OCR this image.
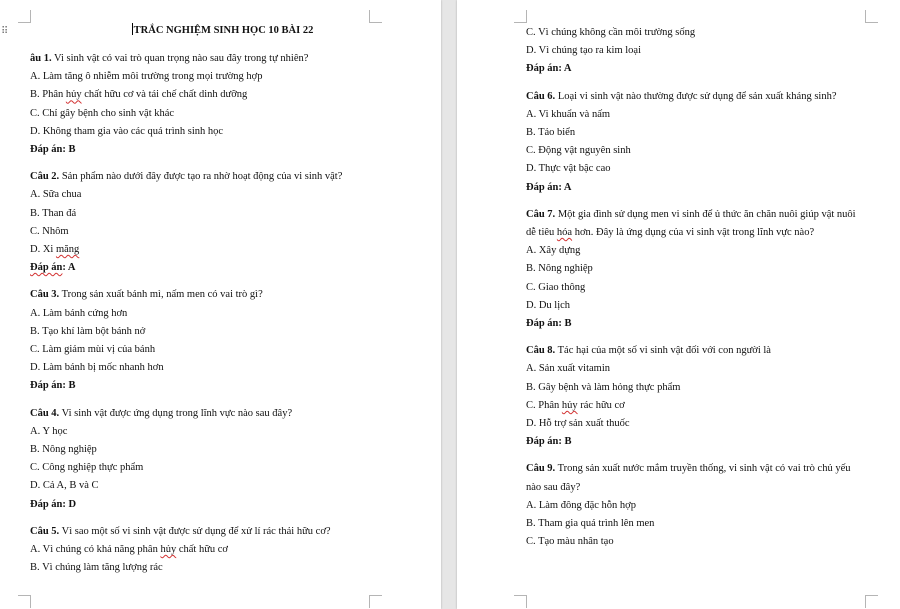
⠿	TRẮC NGHIỆM SINH HỌC 10 BÀI 22
âu 1. Vi sinh vật có vai trò quan trọng nào sau đây trong tự nhiên?
A. Làm tăng ô nhiễm môi trường trong mọi trường hợp
B. Phân hủy chất hữu cơ và tái chế chất dinh dưỡng
C. Chỉ gây bệnh cho sinh vật khác
D. Không tham gia vào các quá trình sinh học
Đáp án: B
Câu 2. Sản phẩm nào dưới đây được tạo ra nhờ hoạt động của vi sinh vật?
A. Sữa chua
B. Than đá
C. Nhôm
D. Xi măng
Đáp án: A
Câu 3. Trong sản xuất bánh mì, nấm men có vai trò gì?
A. Làm bánh cứng hơn
B. Tạo khí làm bột bánh nở
C. Làm giảm mùi vị của bánh
D. Làm bánh bị mốc nhanh hơn
Đáp án: B
Câu 4. Vi sinh vật được ứng dụng trong lĩnh vực nào sau đây?
A. Y học
B. Nông nghiệp
C. Công nghiệp thực phẩm
D. Cả A, B và C
Đáp án: D
Câu 5. Vì sao một số vi sinh vật được sử dụng để xử lí rác thải hữu cơ?
A. Vì chúng có khả năng phân hủy chất hữu cơ
B. Vì chúng làm tăng lượng rác
C. Vì chúng không cần môi trường sống
D. Vì chúng tạo ra kim loại
Đáp án: A
Câu 6. Loại vi sinh vật nào thường được sử dụng để sản xuất kháng sinh?
A. Vi khuẩn và nấm
B. Tảo biển
C. Động vật nguyên sinh
D. Thực vật bậc cao
Đáp án: A
Câu 7. Một gia đình sử dụng men vi sinh để ủ thức ăn chăn nuôi giúp vật nuôi
dễ tiêu hóa hơn. Đây là ứng dụng của vi sinh vật trong lĩnh vực nào?
A. Xây dựng
B. Nông nghiệp
C. Giao thông
D. Du lịch
Đáp án: B
Câu 8. Tác hại của một số vi sinh vật đối với con người là
A. Sản xuất vitamin
B. Gây bệnh và làm hỏng thực phẩm
C. Phân hủy rác hữu cơ
D. Hỗ trợ sản xuất thuốc
Đáp án: B
Câu 9. Trong sản xuất nước mắm truyền thống, vi sinh vật có vai trò chủ yếu
nào sau đây?
A. Làm đông đặc hỗn hợp
B. Tham gia quá trình lên men
C. Tạo màu nhân tạo
